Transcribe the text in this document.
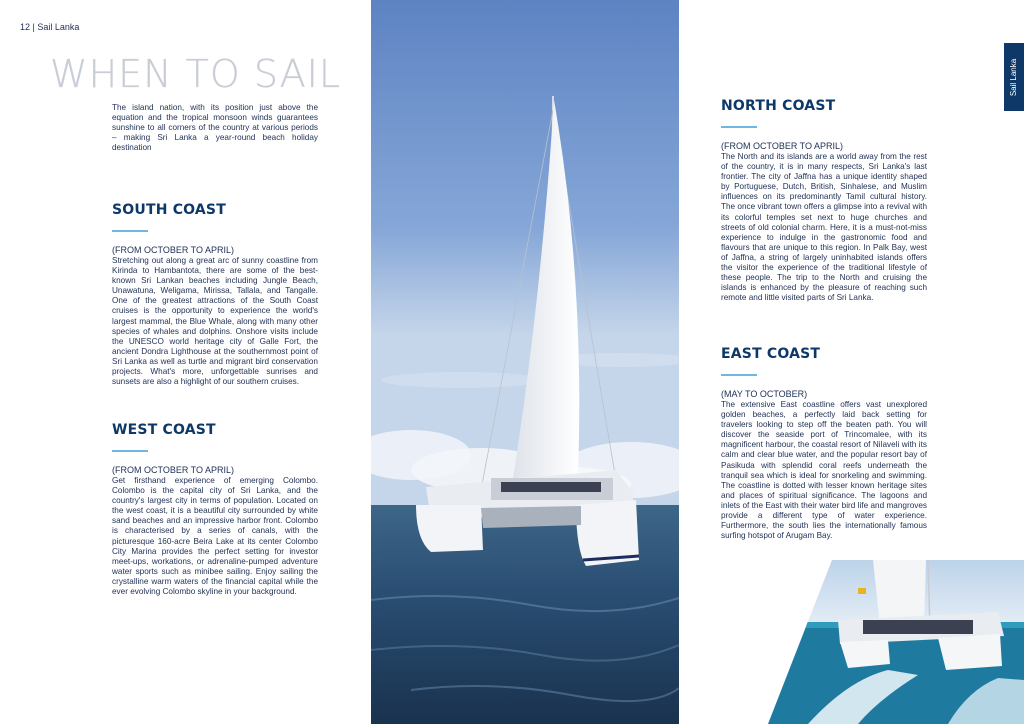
12 | Sail Lanka
WHEN TO SAIL

The island nation, with its position just above the equation and the tropical monsoon winds guarantees sunshine to all corners of the country at various periods – making Sri Lanka a year-round beach holiday destination

SOUTH COAST
(FROM OCTOBER TO APRIL)

Stretching out along a great arc of sunny coastline from Kirinda to Hambantota, there are some of the best-known Sri Lankan beaches including Jungle Beach, Unawatuna, Weligama, Mirissa, Tallala, and Tangalle. One of the greatest attractions of the South Coast cruises is the opportunity to experience the world's largest mammal, the Blue Whale, along with many other species of whales and dolphins. Onshore visits include the UNESCO world heritage city of Galle Fort, the ancient Dondra Lighthouse at the southernmost point of Sri Lanka as well as turtle and migrant bird conservation projects. What's more, unforgettable sunrises and sunsets are also a highlight of our southern cruises.

WEST COAST
(FROM OCTOBER TO APRIL)

Get firsthand experience of emerging Colombo. Colombo is the capital city of Sri Lanka, and the country's largest city in terms of population. Located on the west coast, it is a beautiful city surrounded by white sand beaches and an impressive harbor front. Colombo is characterised by a series of canals, with the picturesque 160-acre Beira Lake at its center Colombo City Marina provides the perfect setting for investor meet-ups, workations, or adrenaline-pumped adventure water sports such as minibee sailing. Enjoy sailing the crystalline warm waters of the financial capital while the ever evolving Colombo skyline in your background.

NORTH COAST
(FROM OCTOBER TO APRIL)

The North and its islands are a world away from the rest of the country, it is in many respects, Sri Lanka's last frontier. The city of Jaffna has a unique identity shaped by Portuguese, Dutch, British, Sinhalese, and Muslim influences on its predominantly Tamil cultural history. The once vibrant town offers a glimpse into a revival with its colorful temples set next to huge churches and streets of old colonial charm. Here, it is a must-not-miss experience to indulge in the gastronomic food and flavours that are unique to this region. In Palk Bay, west of Jaffna, a string of largely uninhabited islands offers the visitor the experience of the traditional lifestyle of these people. The trip to the North and cruising the islands is enhanced by the pleasure of reaching such remote and little visited parts of Sri Lanka.

EAST COAST
(MAY TO OCTOBER)

The extensive East coastline offers vast unexplored golden beaches, a perfectly laid back setting for travelers looking to step off the beaten path. You will discover the seaside port of Trincomalee, with its magnificent harbour, the coastal resort of Nilaveli with its calm and clear blue water, and the popular resort bay of Pasikuda with splendid coral reefs underneath the tranquil sea which is ideal for snorkeling and swimming. The coastline is dotted with lesser known heritage sites and places of spiritual significance. The lagoons and inlets of the East with their water bird life and mangroves provide a different type of water experience. Furthermore, the south lies the internationally famous surfing hotspot of Arugam Bay.

Sail Lanka
